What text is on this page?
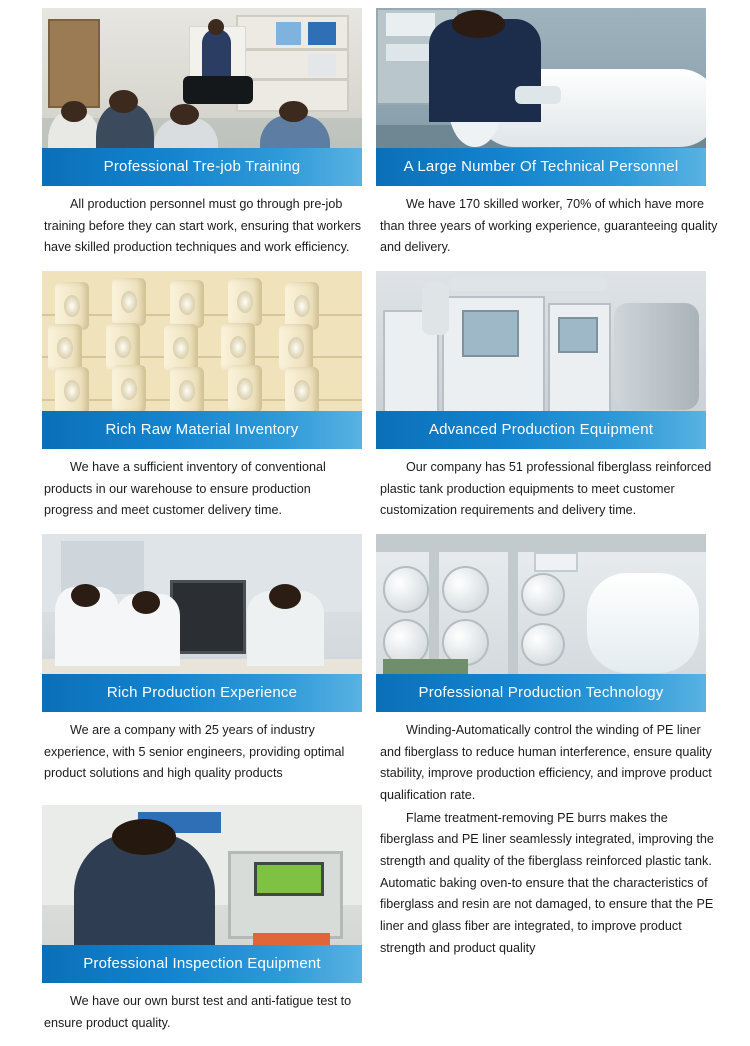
Professional Tre-job Training

All production personnel must go through pre-job training before they can start work, ensuring that workers have skilled production techniques and work efficiency.

Rich Raw Material Inventory

We have a sufficient inventory of conventional products in our warehouse to ensure production progress and meet customer delivery time.

Rich Production Experience

We are a company with 25 years of industry experience, with 5 senior engineers, providing optimal product solutions and high quality products

Professional Inspection Equipment

We have our own burst test and anti-fatigue test to ensure product quality.

A Large Number Of Technical Personnel

We have 170 skilled worker, 70% of which have more than three years of working experience, guaranteeing quality and delivery.

Advanced Production Equipment

Our company has 51 professional fiberglass reinforced plastic tank production equipments to meet customer customization requirements and delivery time.

Professional Production Technology

Winding-Automatically control the winding of PE liner and fiberglass to reduce human interference, ensure quality stability, improve production efficiency, and improve product qualification rate.

Flame treatment-removing PE burrs makes the fiberglass and PE liner seamlessly integrated, improving the strength and quality of the fiberglass reinforced plastic tank. Automatic baking oven-to ensure that the characteristics of fiberglass and resin are not damaged, to ensure that the PE liner and glass fiber are integrated, to improve product strength and product quality
